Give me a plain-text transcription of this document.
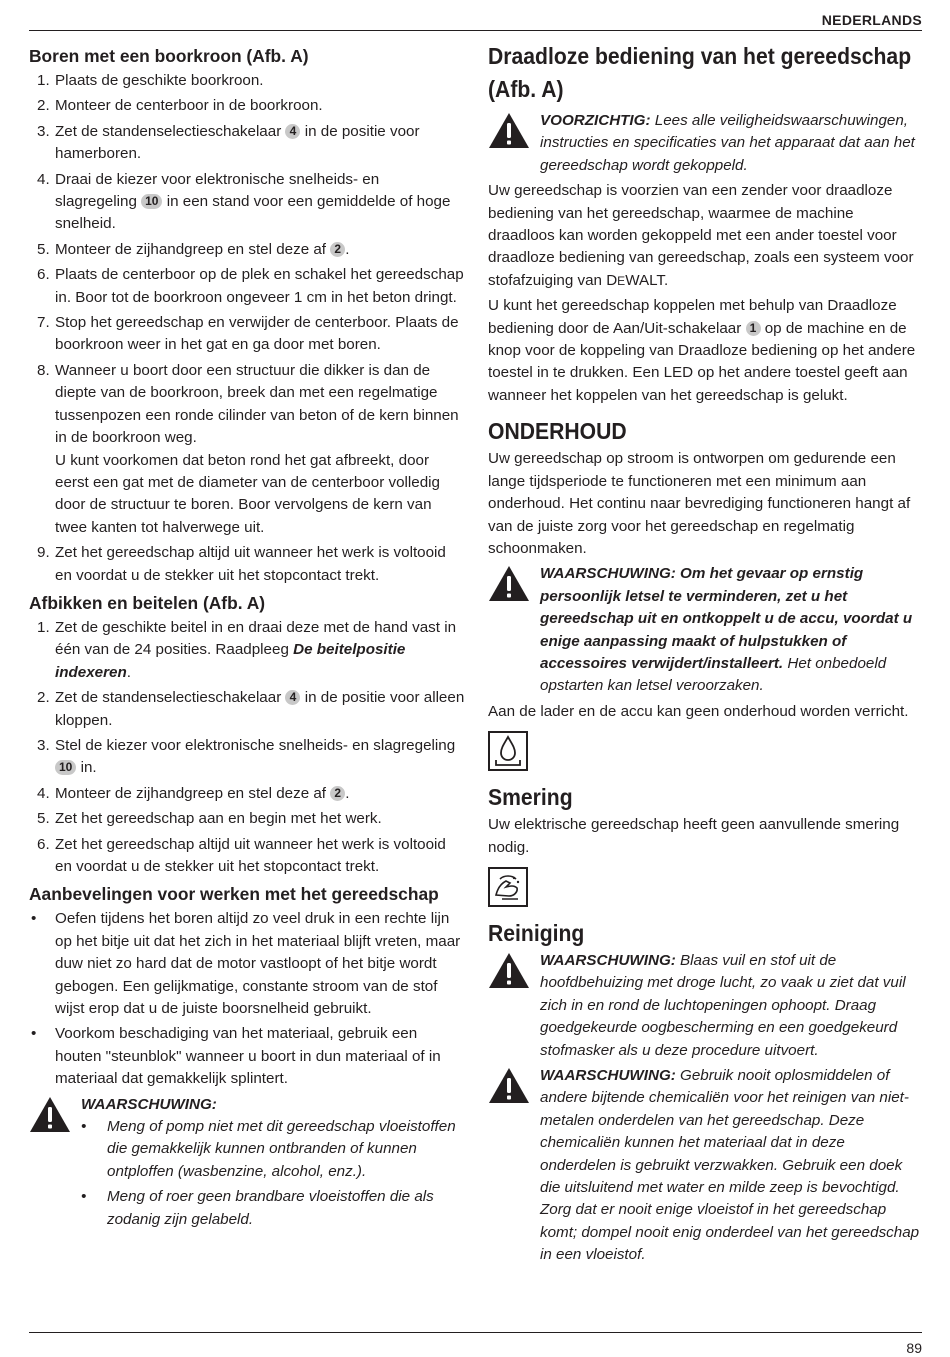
NEDERLANDS
Boren met een boorkroon (Afb. A)
1. Plaats de geschikte boorkroon.
2. Monteer de centerboor in de boorkroon.
3. Zet de standenselectieschakelaar 4 in de positie voor hamerboren.
4. Draai de kiezer voor elektronische snelheids- en slagregeling 10 in een stand voor een gemiddelde of hoge snelheid.
5. Monteer de zijhandgreep en stel deze af 2 .
6. Plaats de centerboor op de plek en schakel het gereedschap in. Boor tot de boorkroon ongeveer 1 cm in het beton dringt.
7. Stop het gereedschap en verwijder de centerboor. Plaats de boorkroon weer in het gat en ga door met boren.
8. Wanneer u boort door een structuur die dikker is dan de diepte van de boorkroon, breek dan met een regelmatige tussenpozen een ronde cilinder van beton of de kern binnen in de boorkroon weg.
U kunt voorkomen dat beton rond het gat afbreekt, door eerst een gat met de diameter van de centerboor volledig door de structuur te boren. Boor vervolgens de kern van twee kanten tot halverwege uit.
9. Zet het gereedschap altijd uit wanneer het werk is voltooid en voordat u de stekker uit het stopcontact trekt.
Afbikken en beitelen (Afb. A)
1. Zet de geschikte beitel in en draai deze met de hand vast in één van de 24 posities. Raadpleeg De beitelpositie indexeren.
2. Zet de standenselectieschakelaar 4 in de positie voor alleen kloppen.
3. Stel de kiezer voor elektronische snelheids- en slagregeling 10 in.
4. Monteer de zijhandgreep en stel deze af 2 .
5. Zet het gereedschap aan en begin met het werk.
6. Zet het gereedschap altijd uit wanneer het werk is voltooid en voordat u de stekker uit het stopcontact trekt.
Aanbevelingen voor werken met het gereedschap
• Oefen tijdens het boren altijd zo veel druk in een rechte lijn op het bitje uit dat het zich in het materiaal blijft vreten, maar duw niet zo hard dat de motor vastloopt of het bitje wordt gebogen. Een gelijkmatige, constante stroom van de stof wijst erop dat u de juiste boorsnelheid gebruikt.
• Voorkom beschadiging van het materiaal, gebruik een houten "steunblok" wanneer u boort in dun materiaal of in materiaal dat gemakkelijk splintert.
WAARSCHUWING:
• Meng of pomp niet met dit gereedschap vloeistoffen die gemakkelijk kunnen ontbranden of kunnen ontploffen (wasbenzine, alcohol, enz.).
• Meng of roer geen brandbare vloeistoffen die als zodanig zijn gelabeld.
Draadloze bediening van het gereedschap (Afb. A)
VOORZICHTIG: Lees alle veiligheidswaarschuwingen, instructies en specificaties van het apparaat dat aan het gereedschap wordt gekoppeld.

Uw gereedschap is voorzien van een zender voor draadloze bediening van het gereedschap, waarmee de machine draadloos kan worden gekoppeld met een ander toestel voor draadloze bediening van gereedschap, zoals een systeem voor stofafzuiging van DEWALT.

U kunt het gereedschap koppelen met behulp van Draadloze bediening door de Aan/Uit-schakelaar 1 op de machine en de knop voor de koppeling van Draadloze bediening op het andere toestel in te drukken. Een LED op het andere toestel geeft aan wanneer het koppelen van het gereedschap is gelukt.

ONDERHOUD

Uw gereedschap op stroom is ontworpen om gedurende een lange tijdsperiode te functioneren met een minimum aan onderhoud. Het continu naar bevrediging functioneren hangt af van de juiste zorg voor het gereedschap en regelmatig schoonmaken.

WAARSCHUWING: Om het gevaar op ernstig persoonlijk letsel te verminderen, zet u het gereedschap uit en ontkoppelt u de accu, voordat u enige aanpassing maakt of hulpstukken of accessoires verwijdert/installeert. Het onbedoeld opstarten kan letsel veroorzaken.

Aan de lader en de accu kan geen onderhoud worden verricht.

Smering

Uw elektrische gereedschap heeft geen aanvullende smering nodig.

Reiniging
WAARSCHUWING: Blaas vuil en stof uit de hoofdbehuizing met droge lucht, zo vaak u ziet dat vuil zich in en rond de luchtopeningen ophoopt. Draag goedgekeurde oogbescherming en een goedgekeurd stofmasker als u deze procedure uitvoert.
WAARSCHUWING: Gebruik nooit oplosmiddelen of andere bijtende chemicaliën voor het reinigen van niet-metalen onderdelen van het gereedschap. Deze chemicaliën kunnen het materiaal dat in deze onderdelen is gebruikt verzwakken. Gebruik een doek die uitsluitend met water en milde zeep is bevochtigd. Zorg dat er nooit enige vloeistof in het gereedschap komt; dompel nooit enig onderdeel van het gereedschap in een vloeistof.
89
